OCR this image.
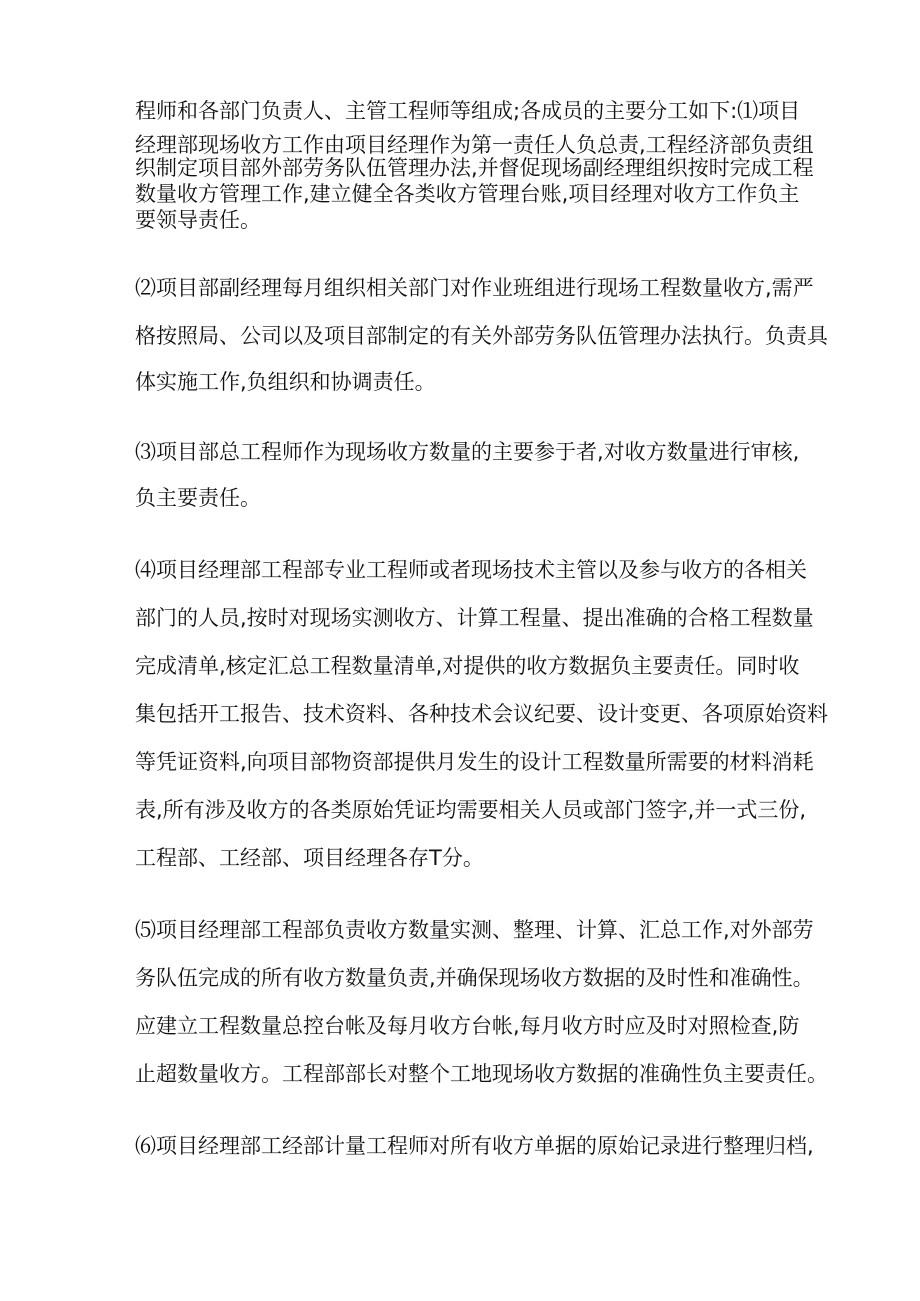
程师和各部门负责人、主管工程师等组成;各成员的主要分工如下:⑴项目

经理部现场收方工作由项目经理作为第一责任人负总责,工程经济部负责组

织制定项目部外部劳务队伍管理办法,并督促现场副经理组织按时完成工程

数量收方管理工作,建立健全各类收方管理台账,项目经理对收方工作负主

要领导责任。

⑵项目部副经理每月组织相关部门对作业班组进行现场工程数量收方,需严

格按照局、公司以及项目部制定的有关外部劳务队伍管理办法执行。负责具

体实施工作,负组织和协调责任。

⑶项目部总工程师作为现场收方数量的主要参于者,对收方数量进行审核,

负主要责任。

⑷项目经理部工程部专业工程师或者现场技术主管以及参与收方的各相关

部门的人员,按时对现场实测收方、计算工程量、提出准确的合格工程数量

完成清单,核定汇总工程数量清单,对提供的收方数据负主要责任。同时收

集包括开工报告、技术资料、各种技术会议纪要、设计变更、各项原始资料

等凭证资料,向项目部物资部提供月发生的设计工程数量所需要的材料消耗

表,所有涉及收方的各类原始凭证均需要相关人员或部门签字,并一式三份,

工程部、工经部、项目经理各存T分。

⑸项目经理部工程部负责收方数量实测、整理、计算、汇总工作,对外部劳

务队伍完成的所有收方数量负责,并确保现场收方数据的及时性和准确性。

应建立工程数量总控台帐及每月收方台帐,每月收方时应及时对照检查,防

止超数量收方。工程部部长对整个工地现场收方数据的准确性负主要责任。

⑹项目经理部工经部计量工程师对所有收方单据的原始记录进行整理归档,
